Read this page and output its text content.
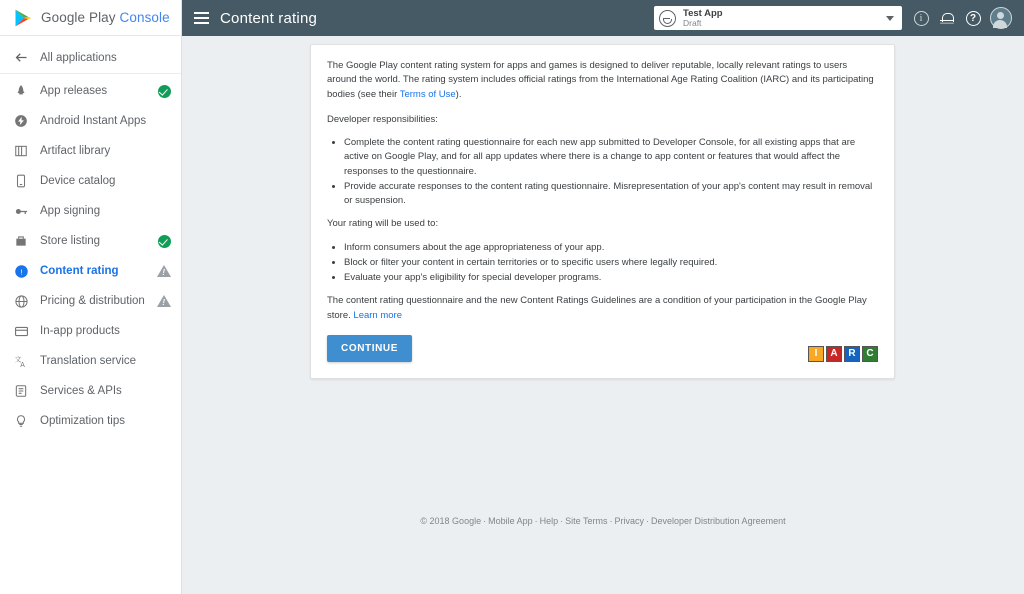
Google Play Console
All applications
App releases
Android Instant Apps
Artifact library
Device catalog
App signing
Store listing
! Content rating
!
Pricing & distribution
!
In-app products
文
A Translation service
Services & APIs
Optimization tips
Content rating	Test App
Draft	i	?

The Google Play content rating system for apps and games is designed to deliver reputable, locally relevant ratings to users around the world. The rating system includes official ratings from the International Age Rating Coalition (IARC) and its participating bodies (see their Terms of Use).

Developer responsibilities:

• Complete the content rating questionnaire for each new app submitted to Developer Console, for all existing apps that are active on Google Play, and for all app updates where there is a change to app content or features that would affect the responses to the questionnaire.
• Provide accurate responses to the content rating questionnaire. Misrepresentation of your app's content may result in removal or suspension.

Your rating will be used to:

• Inform consumers about the age appropriateness of your app.
• Block or filter your content in certain territories or to specific users where legally required.
• Evaluate your app's eligibility for special developer programs.

The content rating questionnaire and the new Content Ratings Guidelines are a condition of your participation in the Google Play store. Learn more

CONTINUE	I	A	R	C
© 2018 Google · Mobile App · Help · Site Terms · Privacy · Developer Distribution Agreement
